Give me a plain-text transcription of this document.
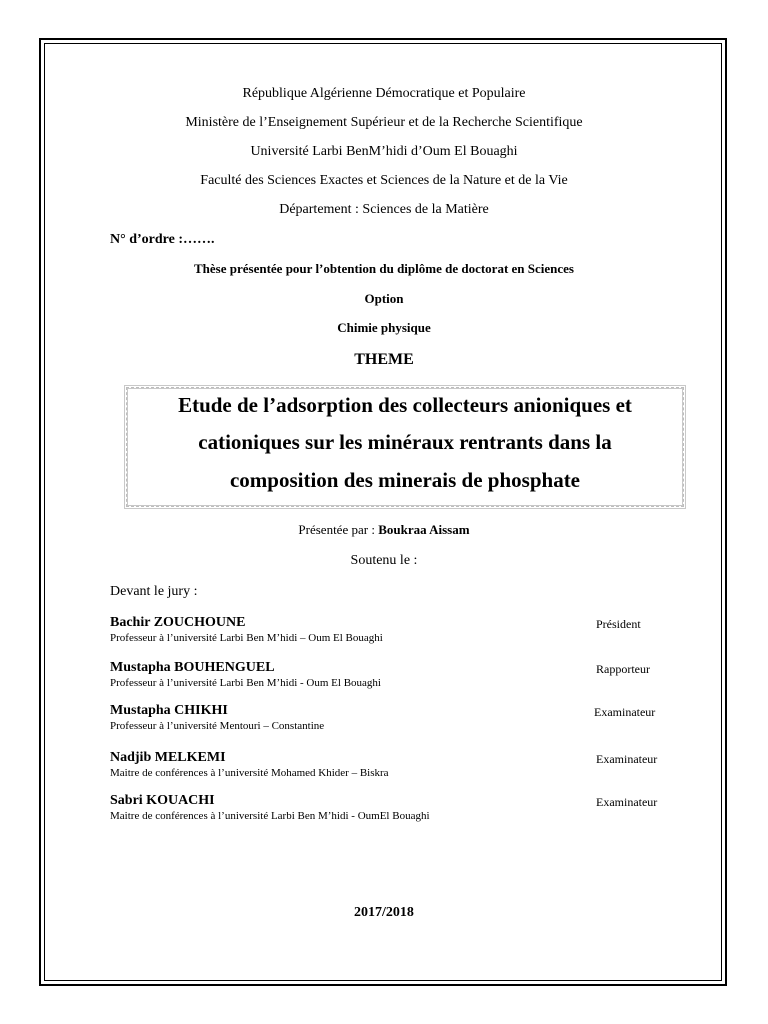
République Algérienne Démocratique et Populaire
Ministère de l’Enseignement Supérieur et de la Recherche Scientifique
Université Larbi BenM’hidi d’Oum El Bouaghi
Faculté des Sciences Exactes et Sciences de la Nature et de la Vie
Département : Sciences de la Matière
N° d’ordre :…….
Thèse présentée pour l’obtention du diplôme de doctorat en Sciences
Option
Chimie physique
THEME
Etude de l’adsorption des collecteurs anioniques et
cationiques sur les minéraux rentrants dans la
composition des minerais de phosphate
Présentée par : Boukraa Aissam
Soutenu le :
Devant le jury :
Bachir ZOUCHOUNE
Professeur à l’université Larbi Ben M’hidi – Oum El Bouaghi
Président
Mustapha BOUHENGUEL
Professeur à l’université Larbi Ben M’hidi - Oum El Bouaghi
Rapporteur
Mustapha CHIKHI
Professeur à l’université Mentouri – Constantine
Examinateur
Nadjib MELKEMI
Maitre de conférences à l’université Mohamed Khider – Biskra
Examinateur
Sabri KOUACHI
Maitre de conférences à l’université Larbi Ben M’hidi - OumEl Bouaghi
Examinateur
2017/2018
